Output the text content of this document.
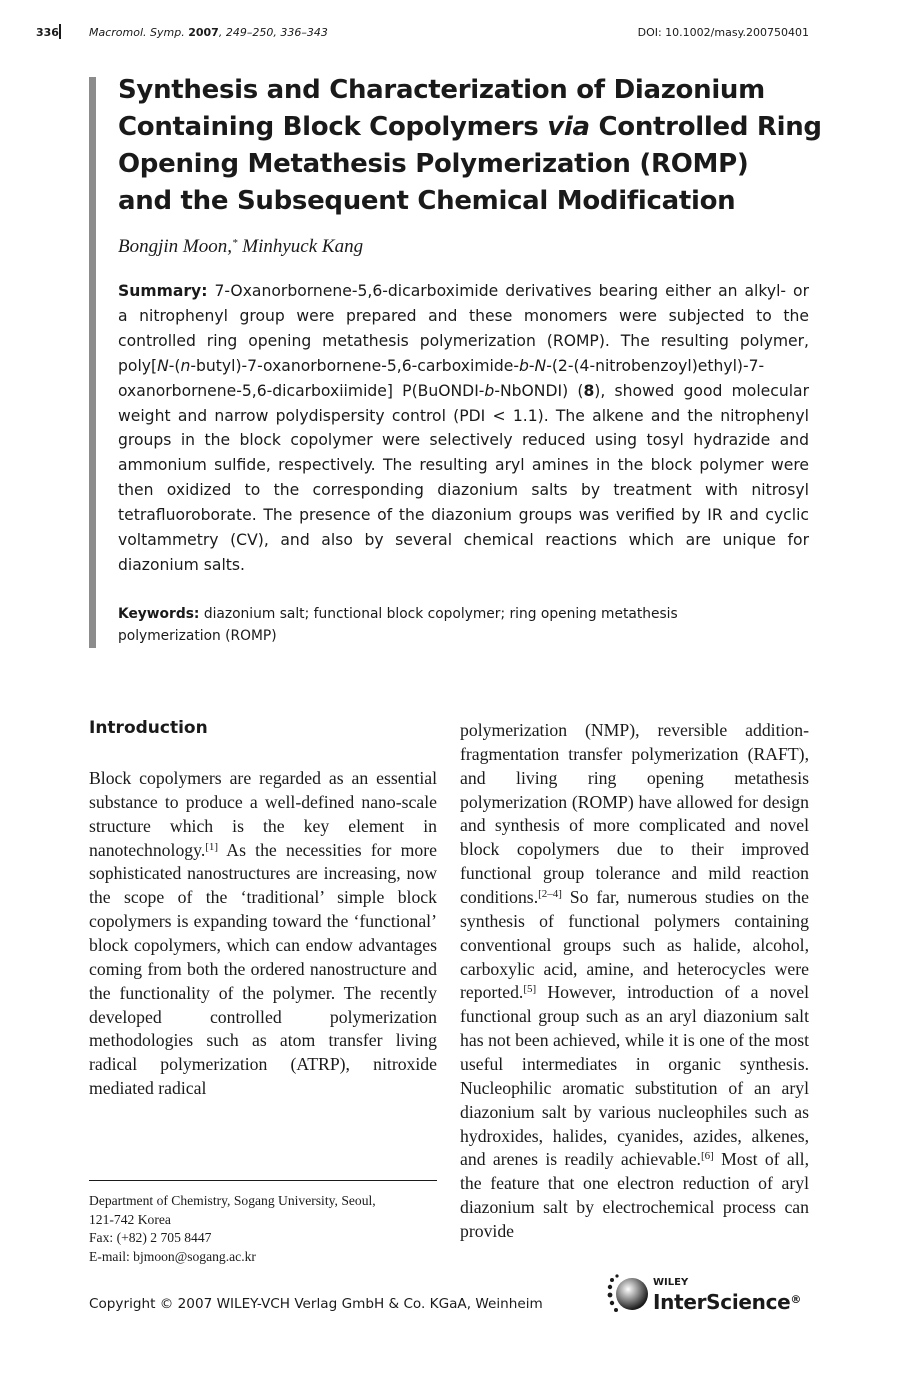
336	Macromol. Symp. 2007, 249–250, 336–343	DOI: 10.1002/masy.200750401
Synthesis and Characterization of Diazonium
Containing Block Copolymers via Controlled Ring
Opening Metathesis Polymerization (ROMP)
and the Subsequent Chemical Modification
Bongjin Moon,* Minhyuck Kang

Summary: 7-Oxanorbornene-5,6-dicarboximide derivatives bearing either an alkyl- or a nitrophenyl group were prepared and these monomers were subjected to the controlled ring opening metathesis polymerization (ROMP). The resulting polymer, poly[N-(n-butyl)-7-oxanorbornene-5,6-carboximide-b-N-(2-(4-nitrobenzoyl)ethyl)-7-oxanorbornene-5,6-dicarboxiimide] P(BuONDI-b-NbONDI) (8), showed good molecular weight and narrow polydispersity control (PDI < 1.1). The alkene and the nitrophenyl groups in the block copolymer were selectively reduced using tosyl hydrazide and ammonium sulfide, respectively. The resulting aryl amines in the block polymer were then oxidized to the corresponding diazonium salts by treatment with nitrosyl tetrafluoroborate. The presence of the diazonium groups was verified by IR and cyclic voltammetry (CV), and also by several chemical reactions which are unique for diazonium salts.

Keywords: diazonium salt; functional block copolymer; ring opening metathesis polymerization (ROMP)

Introduction

Block copolymers are regarded as an essential substance to produce a well-defined nano-scale structure which is the key element in nanotechnology.[1] As the necessities for more sophisticated nanostructures are increasing, now the scope of the ‘traditional’ simple block copolymers is expanding toward the ‘functional’ block copolymers, which can endow advantages coming from both the ordered nanostructure and the functionality of the polymer. The recently developed controlled polymerization methodologies such as atom transfer living radical polymerization (ATRP), nitroxide mediated radical

polymerization (NMP), reversible addition-fragmentation transfer polymerization (RAFT), and living ring opening metathesis polymerization (ROMP) have allowed for design and synthesis of more complicated and novel block copolymers due to their improved functional group tolerance and mild reaction conditions.[2–4] So far, numerous studies on the synthesis of functional polymers containing conventional groups such as halide, alcohol, carboxylic acid, amine, and heterocycles were reported.[5] However, introduction of a novel functional group such as an aryl diazonium salt has not been achieved, while it is one of the most useful intermediates in organic synthesis. Nucleophilic aromatic substitution of an aryl diazonium salt by various nucleophiles such as hydroxides, halides, cyanides, azides, alkenes, and arenes is readily achievable.[6] Most of all, the feature that one electron reduction of aryl diazonium salt by electrochemical process can provide

Department of Chemistry, Sogang University, Seoul,
121-742 Korea
Fax: (+82) 2 705 8447
E-mail: bjmoon@sogang.ac.kr
Copyright © 2007 WILEY-VCH Verlag GmbH & Co. KGaA, Weinheim
WILEY
InterScience®
